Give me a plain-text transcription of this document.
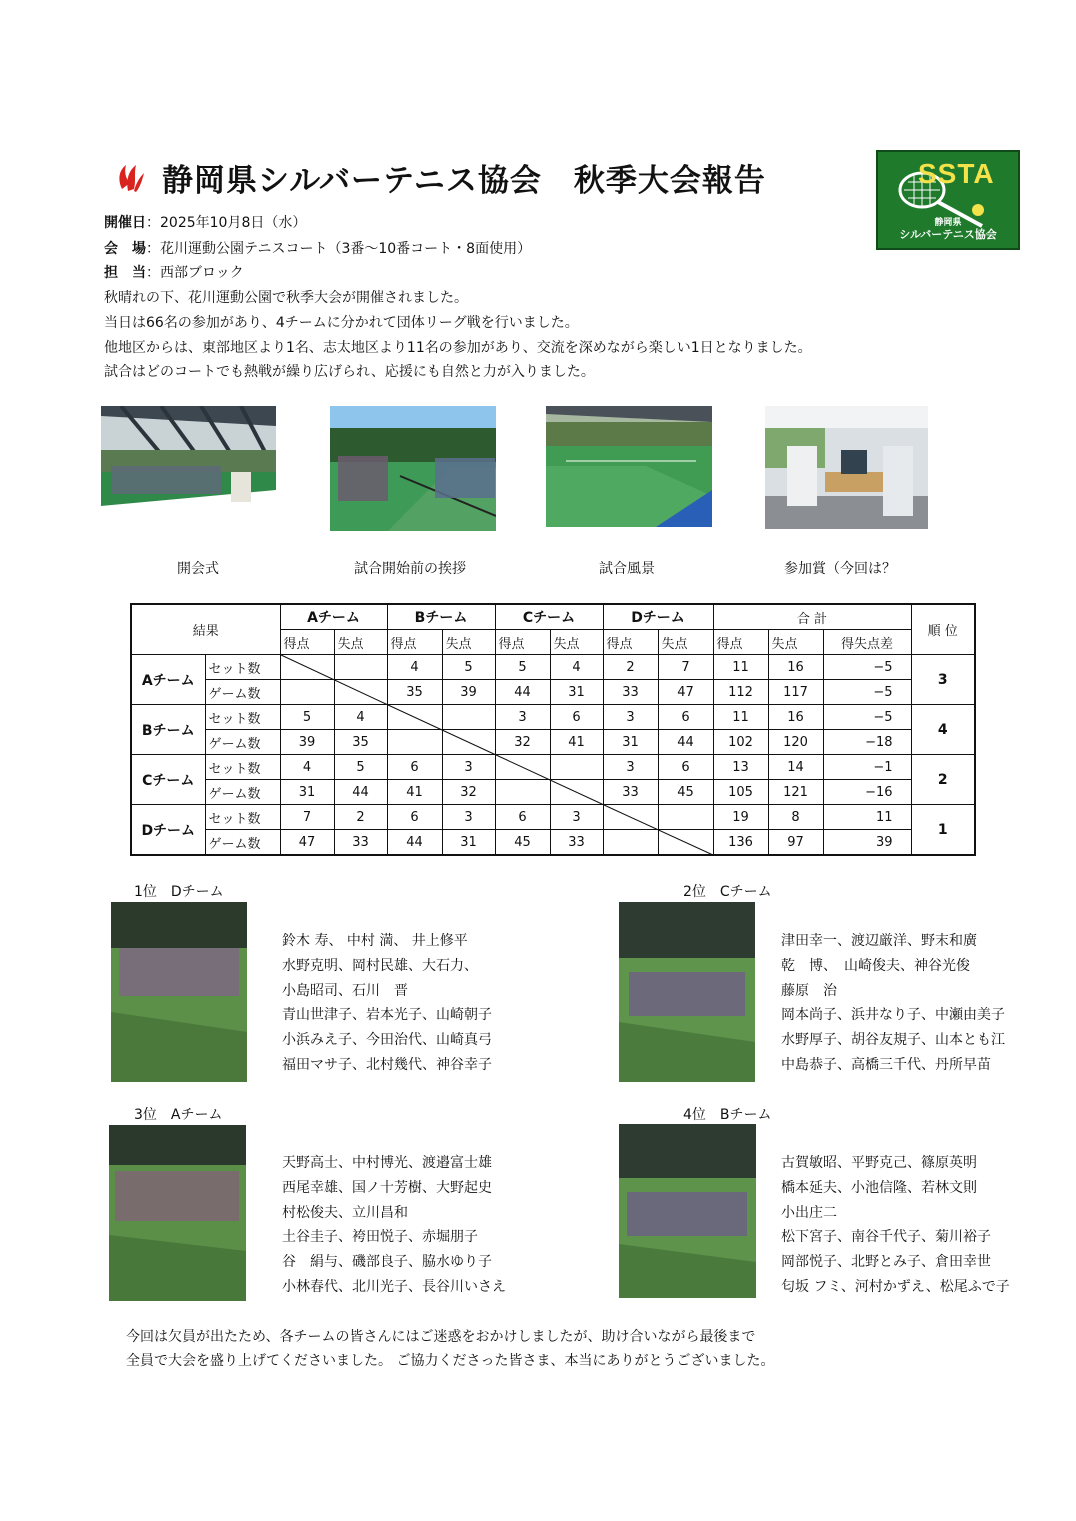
静岡県シルバーテニス協会　秋季大会報告	SSTA
静岡県
シルバーテニス協会
開催日：2025年10月8日（水）
会　場：花川運動公園テニスコート（3番～10番コート・8面使用）
担　当：西部ブロック
秋晴れの下、花川運動公園で秋季大会が開催されました。
当日は66名の参加があり、4チームに分かれて団体リーグ戦を行いました。
他地区からは、東部地区より1名、志太地区より11名の参加があり、交流を深めながら楽しい1日となりました。
試合はどのコートでも熱戦が繰り広げられ、応援にも自然と力が入りました。
開会式	試合開始前の挨拶	試合風景	参加賞（今回は？
結果		Aチーム		Bチーム		Cチーム		Dチーム		合 計			順 位
		得点	失点	得点	失点	得点	失点	得点	失点	得点	失点	得失点差	
Aチーム	セット数			4	5	5	4	2	7	11	16	−5	3
	ゲーム数			35	39	44	31	33	47	112	117	−5	
Bチーム	セット数	5	4			3	6	3	6	11	16	−5	4
	ゲーム数	39	35			32	41	31	44	102	120	−18	
Cチーム	セット数	4	5	6	3			3	6	13	14	−1	2
	ゲーム数	31	44	41	32			33	45	105	121	−16	
Dチーム	セット数	7	2	6	3	6	3			19	8	11	1
	ゲーム数	47	33	44	31	45	33			136	97	39	
1位　Dチーム
鈴木 寿、 中村 満、 井上修平
水野克明、岡村民雄、大石力、
小島昭司、石川　晋
青山世津子、岩本光子、山崎朝子
小浜みえ子、今田治代、山崎真弓
福田マサ子、北村幾代、神谷幸子
2位　Cチーム
津田幸一、渡辺厳洋、野末和廣
乾　博、　山崎俊夫、神谷光俊
藤原　治
岡本尚子、浜井なり子、中瀬由美子
水野厚子、胡谷友規子、山本とも江
中島恭子、高橋三千代、丹所早苗
3位　Aチーム
天野高士、中村博光、渡邉富士雄
西尾幸雄、国ノ十芳樹、大野起史
村松俊夫、立川昌和
土谷圭子、袴田悦子、赤堀朋子
谷　絹与、磯部良子、脇水ゆり子
小林春代、北川光子、長谷川いさえ
4位　Bチーム
古賀敏昭、平野克己、篠原英明
橋本延夫、小池信隆、若林文則
小出庄二
松下宮子、南谷千代子、菊川裕子
岡部悦子、北野とみ子、倉田幸世
匂坂 フミ、河村かずえ、松尾ふで子
今回は欠員が出たため、各チームの皆さんにはご迷惑をおかけしましたが、助け合いながら最後まで
全員で大会を盛り上げてくださいました。 ご協力くださった皆さま、本当にありがとうございました。
